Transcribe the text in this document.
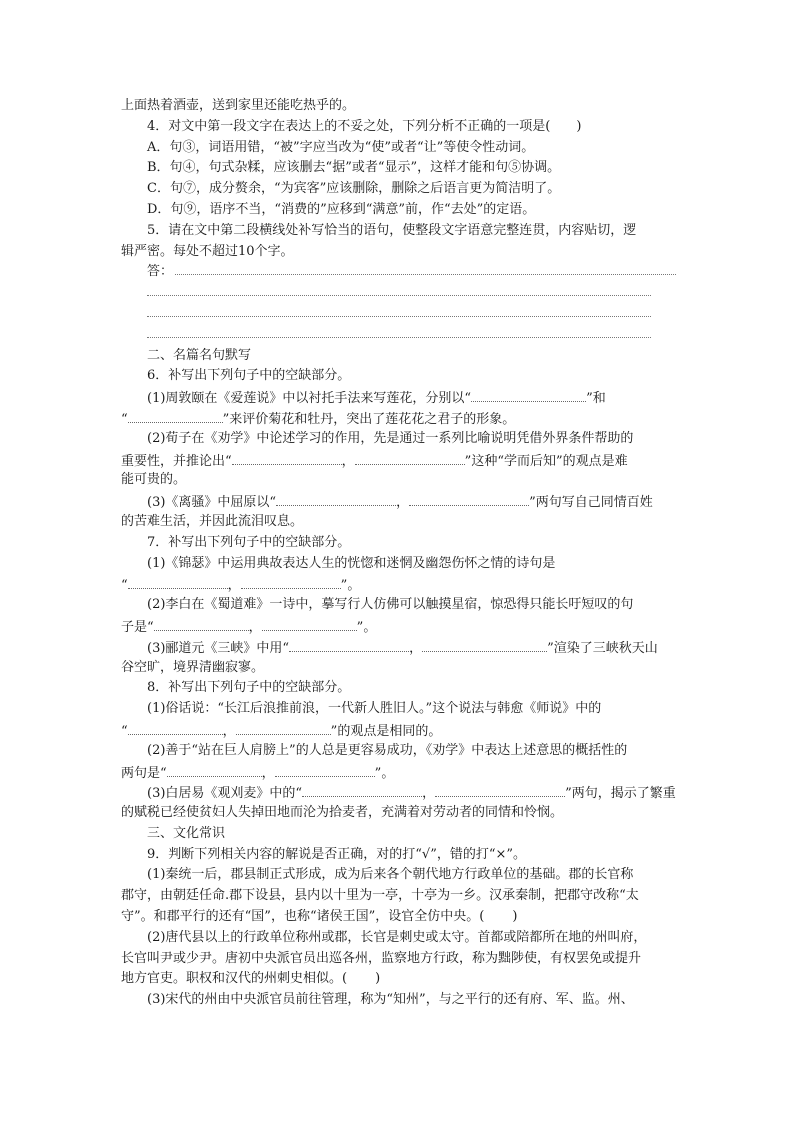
上面热着酒壶，送到家里还能吃热乎的。
4．对文中第一段文字在表达上的不妥之处，下列分析不正确的一项是(　　)
A．句③，词语用错，“被”字应当改为“使”或者“让”等使令性动词。
B．句④，句式杂糅，应该删去“据”或者“显示”，这样才能和句⑤协调。
C．句⑦，成分赘余，“为宾客”应该删除，删除之后语言更为简洁明了。
D．句⑨，语序不当，“消费的”应移到“满意”前，作“去处”的定语。
5．请在文中第二段横线处补写恰当的语句，使整段文字语意完整连贯，内容贴切，逻
辑严密。每处不超过10个字。
答：
二、名篇名句默写
6．补写出下列句子中的空缺部分。
(1)周敦颐在《爱莲说》中以衬托手法来写莲花，分别以“	”和
“	”来评价菊花和牡丹，突出了莲花花之君子的形象。
(2)荀子在《劝学》中论述学习的作用，先是通过一系列比喻说明凭借外界条件帮助的
重要性，并推论出“	，	”这种“学而后知”的观点是难
能可贵的。
(3)《离骚》中屈原以“	，	”两句写自己同情百姓
的苦难生活，并因此流泪叹息。
7．补写出下列句子中的空缺部分。
(1)《锦瑟》中运用典故表达人生的恍惚和迷惘及幽怨伤怀之情的诗句是
“	，	”。
(2)李白在《蜀道难》一诗中，摹写行人仿佛可以触摸星宿，惊恐得只能长吁短叹的句
子是“	，	”。
(3)郦道元《三峡》中用“	，	”渲染了三峡秋天山
谷空旷，境界清幽寂寥。
8．补写出下列句子中的空缺部分。
(1)俗话说：“长江后浪推前浪，一代新人胜旧人。”这个说法与韩愈《师说》中的
“	，	”的观点是相同的。
(2)善于“站在巨人肩膀上”的人总是更容易成功，《劝学》中表达上述意思的概括性的
两句是“	，	”。
(3)白居易《观刈麦》中的“	，	”两句，揭示了繁重
的赋税已经使贫妇人失掉田地而沦为拾麦者，充满着对劳动者的同情和怜悯。
三、文化常识
9．判断下列相关内容的解说是否正确，对的打“√”，错的打“×”。
(1)秦统一后，郡县制正式形成，成为后来各个朝代地方行政单位的基础。郡的长官称
郡守，由朝廷任命.郡下设县，县内以十里为一亭，十亭为一乡。汉承秦制，把郡守改称“太
守”。和郡平行的还有“国”，也称“诸侯王国”，设官全仿中央。( )
(2)唐代县以上的行政单位称州或郡，长官是刺史或太守。首都或陪都所在地的州叫府，
长官叫尹或少尹。唐初中央派官员出巡各州，监察地方行政，称为黜陟使，有权罢免或提升
地方官吏。职权和汉代的州刺史相似。( )
(3)宋代的州由中央派官员前往管理，称为“知州”，与之平行的还有府、军、监。州、
